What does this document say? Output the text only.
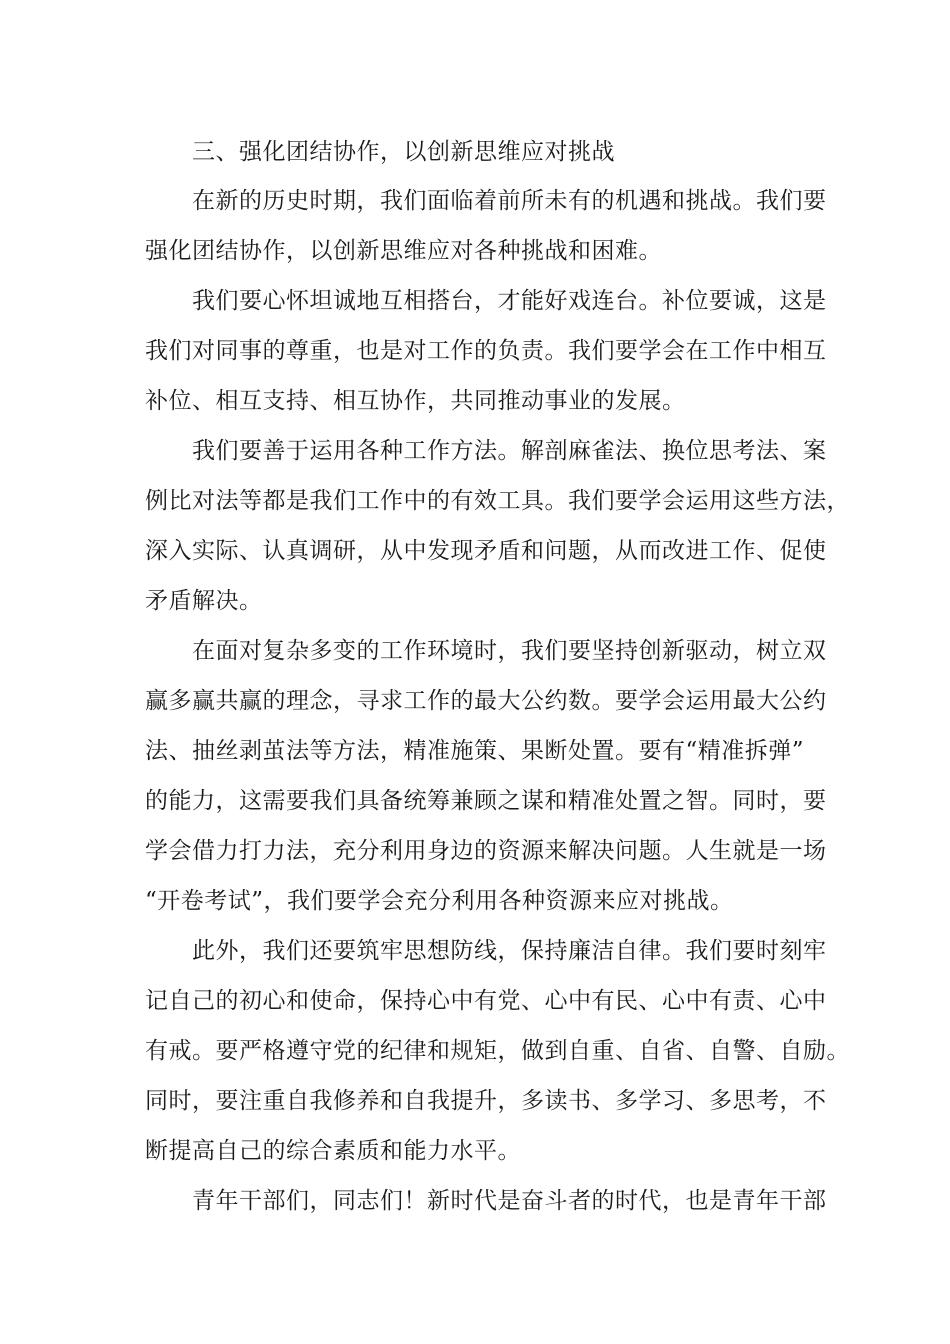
三、强化团结协作，以创新思维应对挑战
在新的历史时期，我们面临着前所未有的机遇和挑战。我们要
强化团结协作，以创新思维应对各种挑战和困难。
我们要心怀坦诚地互相搭台，才能好戏连台。补位要诚，这是
我们对同事的尊重，也是对工作的负责。我们要学会在工作中相互
补位、相互支持、相互协作，共同推动事业的发展。
我们要善于运用各种工作方法。解剖麻雀法、换位思考法、案
例比对法等都是我们工作中的有效工具。我们要学会运用这些方法，
深入实际、认真调研，从中发现矛盾和问题，从而改进工作、促使
矛盾解决。
在面对复杂多变的工作环境时，我们要坚持创新驱动，树立双
赢多赢共赢的理念，寻求工作的最大公约数。要学会运用最大公约
法、抽丝剥茧法等方法，精准施策、果断处置。要有“精准拆弹”
的能力，这需要我们具备统筹兼顾之谋和精准处置之智。同时，要
学会借力打力法，充分利用身边的资源来解决问题。人生就是一场
“开卷考试”，我们要学会充分利用各种资源来应对挑战。
此外，我们还要筑牢思想防线，保持廉洁自律。我们要时刻牢
记自己的初心和使命，保持心中有党、心中有民、心中有责、心中
有戒。要严格遵守党的纪律和规矩，做到自重、自省、自警、自励。
同时，要注重自我修养和自我提升，多读书、多学习、多思考，不
断提高自己的综合素质和能力水平。
青年干部们，同志们！新时代是奋斗者的时代，也是青年干部
